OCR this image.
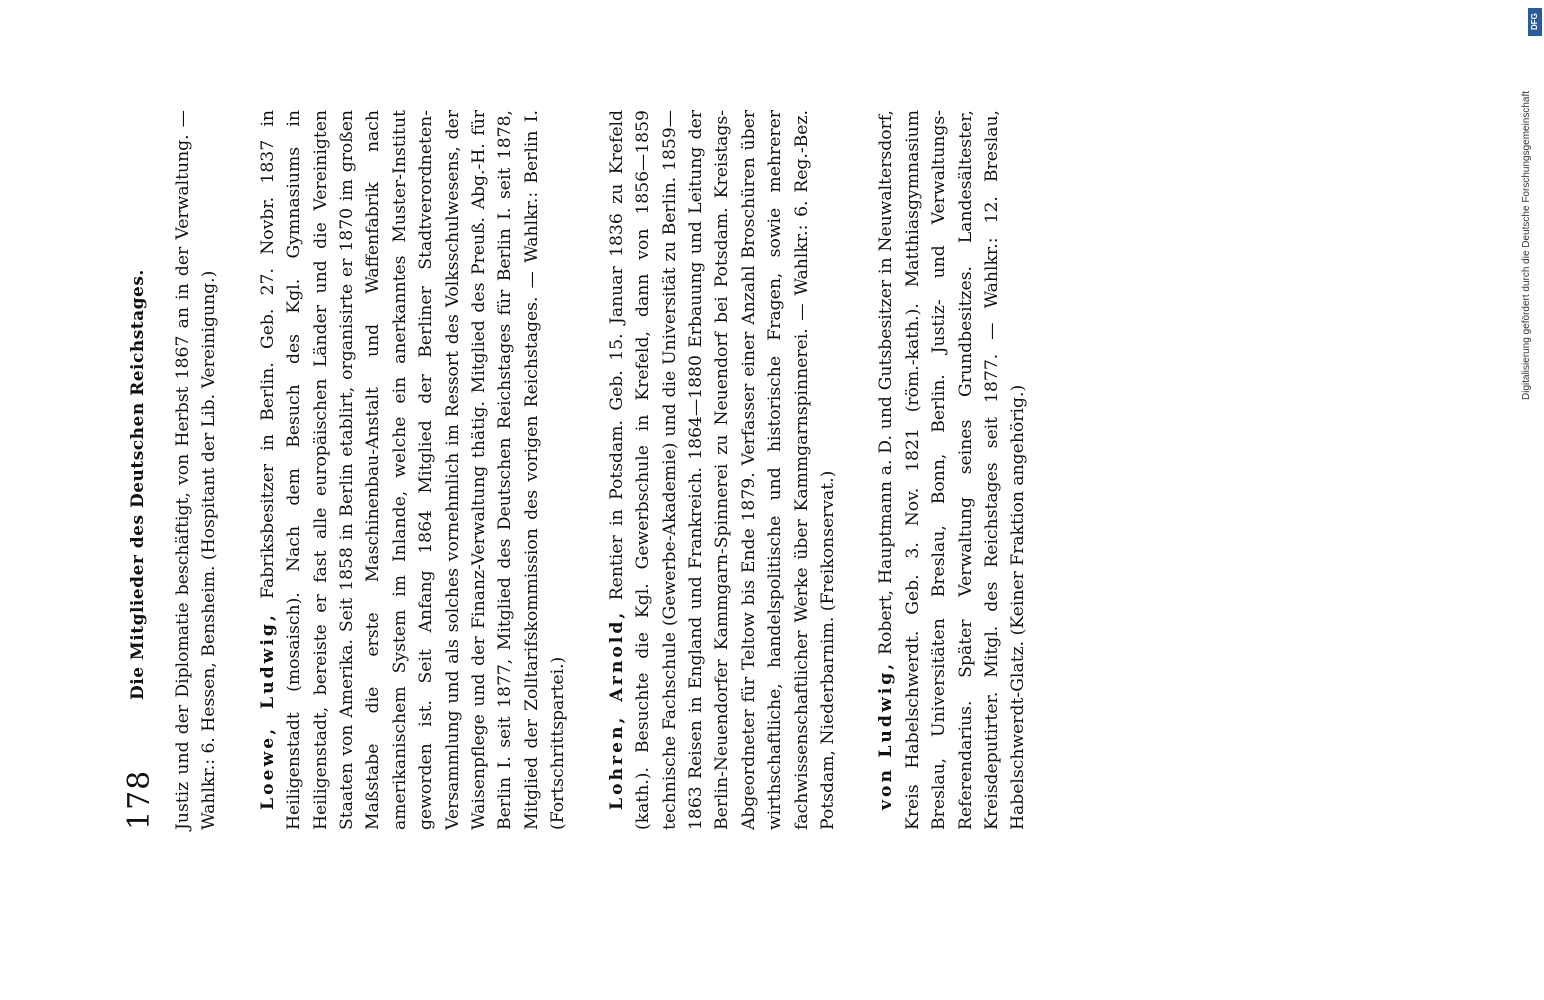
178
Die Mitglieder des Deutschen Reichstages. Justiz und der Diplomatie beschäftigt, von Herbst 1867 an in der Verwaltung. — Wahlkr.: 6. Hessen, Bensheim. (Hospitant der Lib. Vereinigung.) Loewe, Ludwig, Fabriksbesitzer in Berlin. Geb. 27. Novbr. 1837 in Heiligenstadt (mosaisch). Nach dem Besuch des Kgl. Gymnasiums in Heiligenstadt, bereiste er fast alle europäischen Länder und die Vereinigten Staaten von Amerika. Seit 1858 in Berlin etablirt, organisirte er 1870 im großen Maßstabe die erste Maschinenbau-Anstalt und Waffenfabrik nach amerikanischem System im Inlande, welche ein anerkanntes Muster-Institut geworden ist. Seit Anfang 1864 Mitglied der Berliner Stadtverordneten-Versammlung und als solches vornehmlich im Ressort des Volksschulwesens, der Waisenpflege und der Finanz-Verwaltung thätig. Mitglied des Preuß. Abg.-H. für Berlin I. seit 1877, Mitglied des Deutschen Reichstages für Berlin I. seit 1878, Mitglied der Zolltarifskommission des vorigen Reichstages. — Wahlkr.: Berlin I. (Fortschrittspartei.) Lohren, Arnold, Rentier in Potsdam. Geb. 15. Januar 1836 zu Krefeld (kath.). Besuchte die Kgl. Gewerbschule in Krefeld, dann von 1856—1859 technische Fachschule (Gewerbe-Akademie) und die Universität zu Berlin. 1859—1863 Reisen in England und Frankreich. 1864—1880 Erbauung und Leitung der Berlin-Neuendorfer Kammgarn-Spinnerei zu Neuendorf bei Potsdam. Kreistags-Abgeordneter für Teltow bis Ende 1879. Verfasser einer Anzahl Broschüren über wirthschaftliche, handelspolitische und historische Fragen, sowie mehrerer fachwissenschaftlicher Werke über Kammgarnspinnerei. — Wahlkr.: 6. Reg.-Bez. Potsdam, Niederbarnim. (Freikonservat.) von Ludwig, Robert, Hauptmann a. D. und Gutsbesitzer in Neuwaltersdorf, Kreis Habelschwerdt. Geb. 3. Nov. 1821 (röm.-kath.). Matthiasgymnasium Breslau, Universitäten Breslau, Bonn, Berlin. Justiz- und Verwaltungs-Referendarius. Später Verwaltung seines Grundbesitzes. Landesältester, Kreisdeputirter. Mitgl. des Reichstages seit 1877. — Wahlkr.: 12. Breslau, Habelschwerdt-Glatz. (Keiner Fraktion angehörig.)

DFG
Digitalisierung gefördert durch die Deutsche Forschungsgemeinschaft
